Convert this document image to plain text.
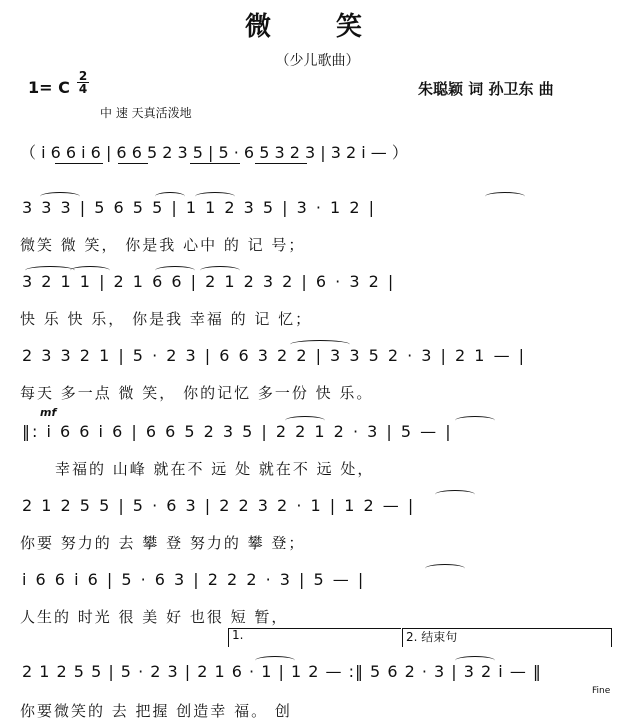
微 笑
（少儿歌曲）
1= C
2
4	朱聪颖 词 孙卫东 曲
中 速 天真活泼地
（ i 6 6 i 6 | 6 6 5 2 3 5 | 5 · 6 5 3 2 3 | 3 2 i — ）
3 3 3 | 5 6 5 5 | 1 1 2 3 5 | 3 · 1 2 |
微笑 微 笑， 你是我 心中 的 记 号；
3 2 1 1 | 2 1 6 6 | 2 1 2 3 2 | 6 · 3 2 |
快 乐 快 乐， 你是我 幸福 的 记 忆；
2 3 3 2 1 | 5 · 2 3 | 6 6 3 2 2 | 3 3 5 2 · 3 | 2 1 — |
每天 多一点 微 笑， 你的记忆 多一份 快 乐。
mf
‖: i 6 6 i 6 | 6 6 5 2 3 5 | 2 2 1 2 · 3 | 5 — |
幸福的 山峰 就在不 远 处 就在不 远 处，
2 1 2 5 5 | 5 · 6 3 | 2 2 3 2 · 1 | 1 2 — |
你要 努力的 去 攀 登 努力的 攀 登；
i 6 6 i 6 | 5 · 6 3 | 2 2 2 · 3 | 5 — |
人生的 时光 很 美 好 也很 短 暂，
1.	2. 结束句
2 1 2 5 5 | 5 · 2 3 | 2 1 6 · 1 | 1 2 — :‖ 5 6 2 · 3 | 3 2 i — ‖
你要微笑的 去 把握 创造幸 福。 创
Fine
